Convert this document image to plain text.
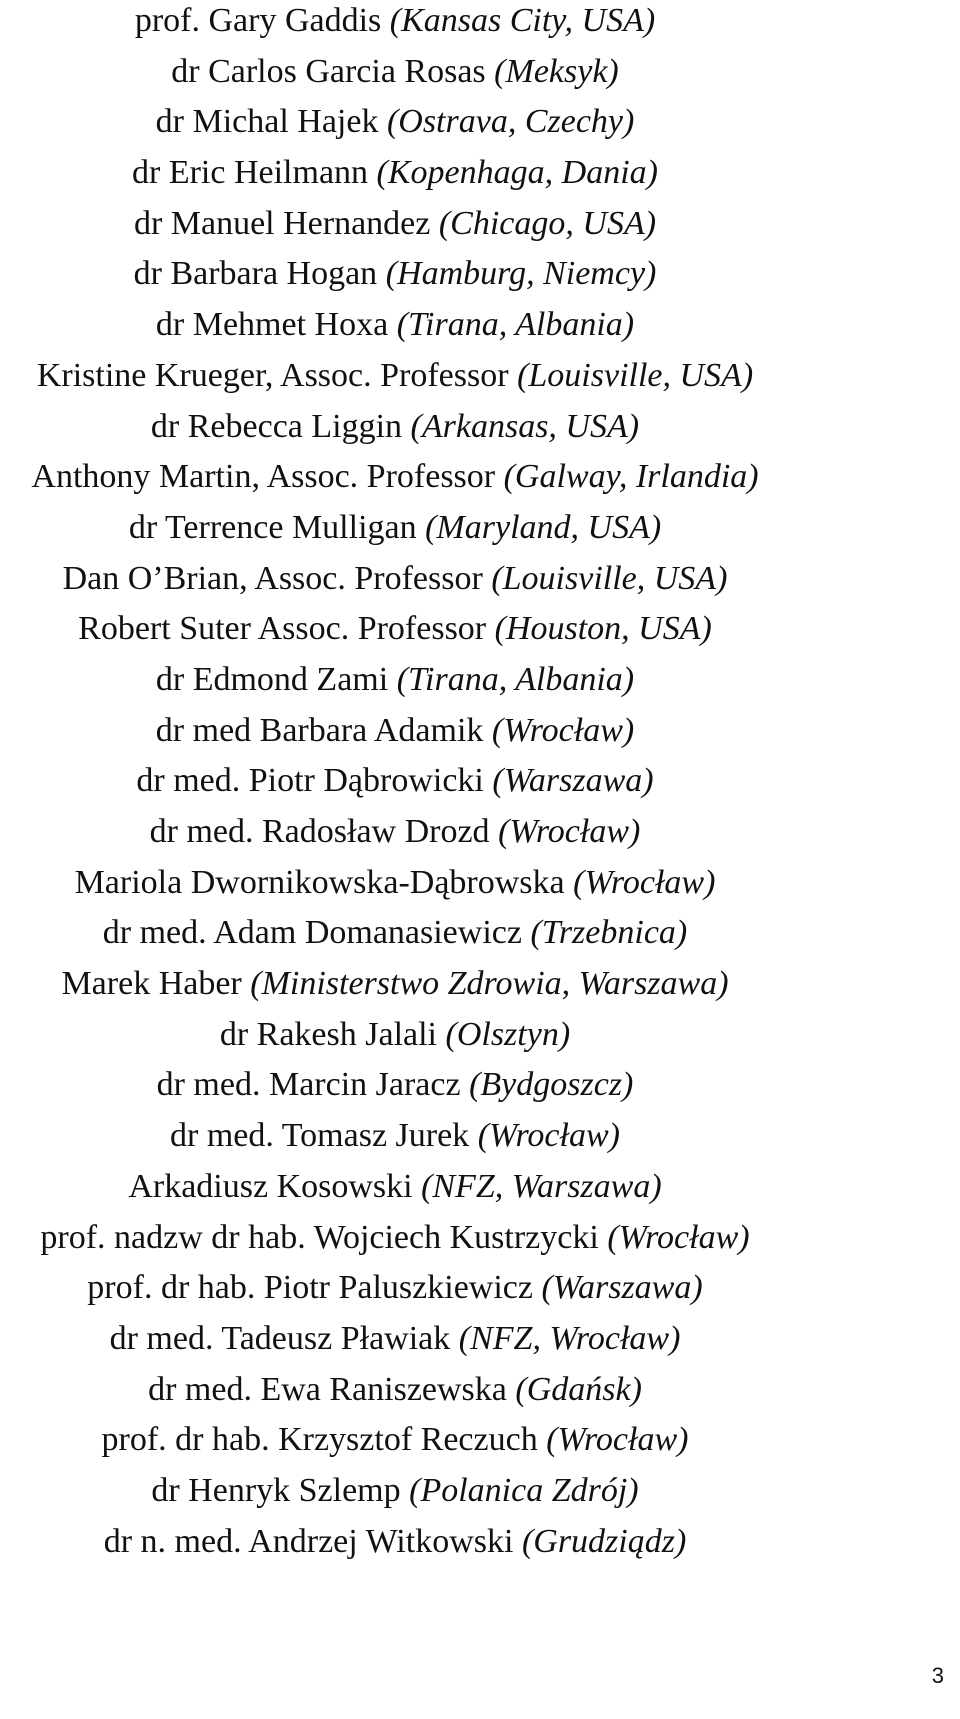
prof. Gary Gaddis (Kansas City, USA)

dr Carlos Garcia Rosas (Meksyk)

dr Michal Hajek (Ostrava, Czechy)

dr Eric Heilmann (Kopenhaga, Dania)

dr Manuel Hernandez (Chicago, USA)

dr Barbara Hogan (Hamburg, Niemcy)

dr Mehmet Hoxa (Tirana, Albania)

Kristine Krueger, Assoc. Professor (Louisville, USA)

dr Rebecca Liggin (Arkansas, USA)

Anthony Martin, Assoc. Professor (Galway, Irlandia)

dr Terrence Mulligan (Maryland, USA)

Dan O’Brian, Assoc. Professor (Louisville, USA)

Robert Suter Assoc. Professor (Houston, USA)

dr Edmond Zami (Tirana, Albania)

dr med Barbara Adamik (Wrocław)

dr med. Piotr Dąbrowicki (Warszawa)

dr med. Radosław Drozd (Wrocław)

Mariola Dwornikowska-Dąbrowska (Wrocław)

dr med. Adam Domanasiewicz (Trzebnica)

Marek Haber (Ministerstwo Zdrowia, Warszawa)

dr Rakesh Jalali (Olsztyn)

dr med. Marcin Jaracz (Bydgoszcz)

dr med. Tomasz Jurek (Wrocław)

Arkadiusz Kosowski (NFZ, Warszawa)

prof. nadzw dr hab. Wojciech Kustrzycki (Wrocław)

prof. dr hab. Piotr Paluszkiewicz (Warszawa)

dr med. Tadeusz Pławiak (NFZ, Wrocław)

dr med. Ewa Raniszewska (Gdańsk)

prof. dr hab. Krzysztof Reczuch (Wrocław)

dr Henryk Szlemp (Polanica Zdrój)

dr n. med. Andrzej Witkowski (Grudziądz)

3
